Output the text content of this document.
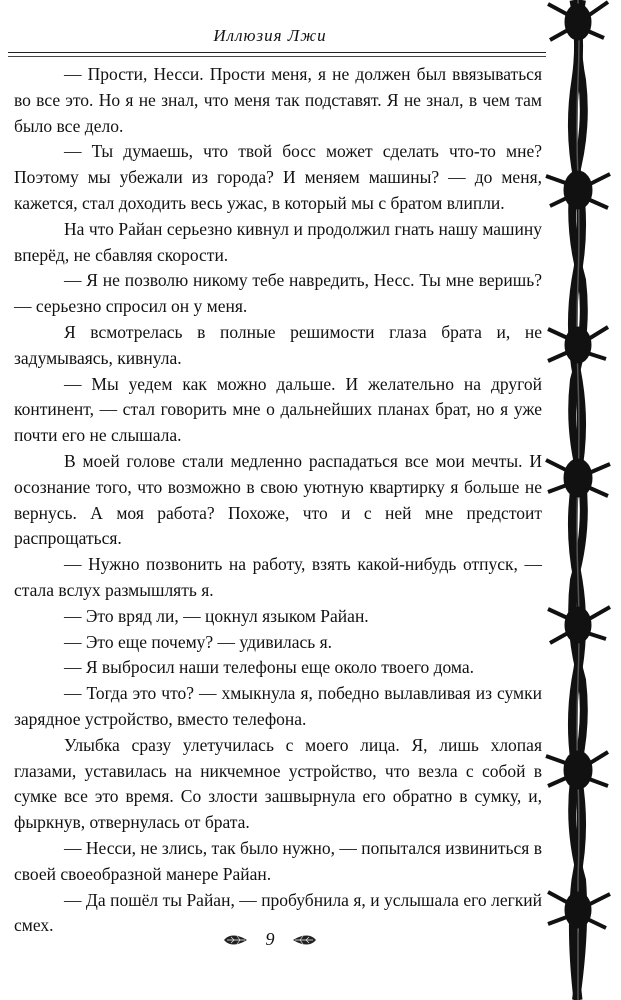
Иллюзия Лжи

— Прости, Несси. Прости меня, я не должен был ввязываться во все это. Но я не знал, что меня так подставят. Я не знал, в чем там было все дело.

— Ты думаешь, что твой босс может сделать что-то мне? Поэтому мы убежали из города? И меняем машины? — до меня, кажется, стал доходить весь ужас, в который мы с братом влипли.

На что Райан серьезно кивнул и продолжил гнать нашу машину вперёд, не сбавляя скорости.

— Я не позволю никому тебе навредить, Несс. Ты мне веришь? — серьезно спросил он у меня.

Я всмотрелась в полные решимости глаза брата и, не задумываясь, кивнула.

— Мы уедем как можно дальше. И желательно на другой континент, — стал говорить мне о дальнейших планах брат, но я уже почти его не слышала.

В моей голове стали медленно распадаться все мои мечты. И осознание того, что возможно в свою уютную квартирку я больше не вернусь. А моя работа? Похоже, что и с ней мне предстоит распрощаться.

— Нужно позвонить на работу, взять какой-нибудь отпуск, — стала вслух размышлять я.

— Это вряд ли, — цокнул языком Райан.

— Это еще почему? — удивилась я.

— Я выбросил наши телефоны еще около твоего дома.

— Тогда это что? — хмыкнула я, победно вылавливая из сумки зарядное устройство, вместо телефона.

Улыбка сразу улетучилась с моего лица. Я, лишь хлопая глазами, уставилась на никчемное устройство, что везла с собой в сумке все это время. Со злости зашвырнула его обратно в сумку, и, фыркнув, отвернулась от брата.

— Несси, не злись, так было нужно, — попытался извиниться в своей своеобразной манере Райан.

— Да пошёл ты Райан, — пробубнила я, и услышала его легкий смех.

9
